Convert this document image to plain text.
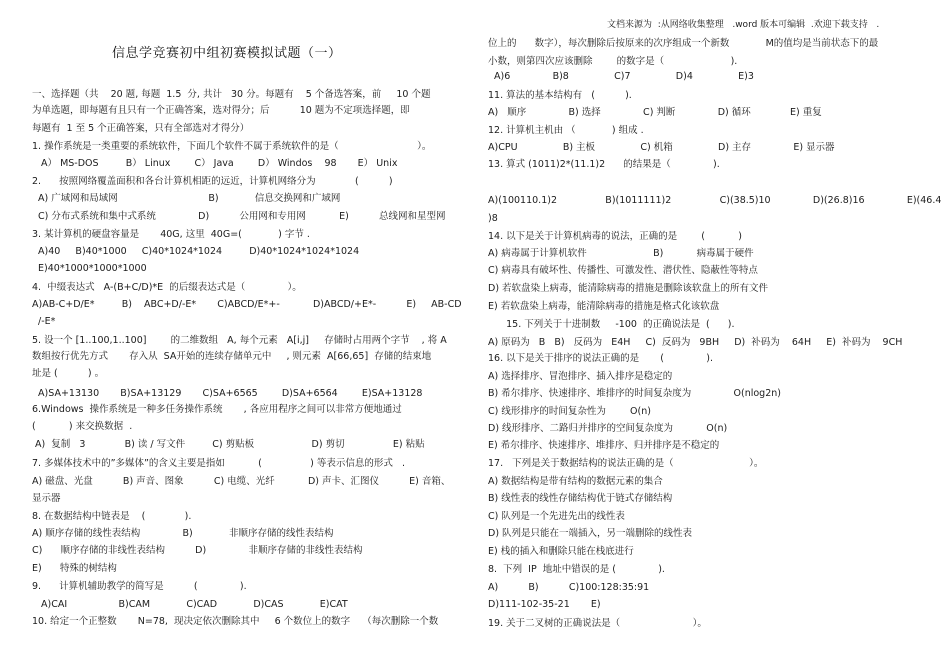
文档来源为  :从网络收集整理   .word 版本可编辑  .欢迎下载支持   .
信息学竞赛初中组初赛模拟试题（一）
一、选择题（共    20 题, 每题  1.5  分, 共计   30 分。每题有    5 个备选答案，前     10 个题
为单选题，即每题有且只有一个正确答案，选对得分；后          10 题为不定项选择题，即
每题有  1 至 5 个正确答案，只有全部选对才得分）
1. 操作系统是一类重要的系统软件，下面几个软件不属于系统软件的是（                          ）。
A） MS-DOS         B） Linux        C） Java        D） Windos    98       E） Unix
2.      按照网络覆盖面积和各台计算机相距的远近，计算机网络分为             (          )
A) 广域网和局域网                              B)            信息交换网和广域网
C) 分布式系统和集中式系统              D)          公用网和专用网           E)          总线网和星型网
3. 某计算机的硬盘容量是       40G, 这里  40G=(            ) 字节 .
A)40     B)40*1000     C)40*1024*1024         D)40*1024*1024*1024
E)40*1000*1000*1000
4.  中缀表达式   A-(B+C/D)*E  的后缀表达式是（              ）。
A)AB-C+D/E*         B)    ABC+D/-E*       C)ABCD/E*+-           D)ABCD/+E*-          E)     AB-CD
/-E*
5. 设一个 [1..100,1..100]        的二维数组   A, 每个元素   A[i,j]     存储时占用两个字节    , 将 A
数组按行优先方式       存入从  SA开始的连续存储单元中     , 则元素  A[66,65]  存储的结束地
址是 (          ) 。
A)SA+13130       B)SA+13129       C)SA+6565        D)SA+6564        E)SA+13128
6.Windows  操作系统是一种多任务操作系统       , 各应用程序之间可以非常方便地通过
(           ) 来交换数据  .
A)  复制   3             B) 读 / 写文件         C) 剪贴板                   D) 剪切                E) 粘贴
7. 多媒体技术中的”多媒体”的含义主要是指如           (                ) 等表示信息的形式   .
A) 磁盘、光盘          B) 声音、图象          C) 电缆、光纤           D) 声卡、汇图仪          E) 音箱、
显示器
8. 在数据结构中链表是    (             ).
A) 顺序存储的线性表结构              B)            非顺序存储的线性表结构
C)      顺序存储的非线性表结构          D)              非顺序存储的非线性表结构
E)      特殊的树结构
9.      计算机辅助教学的简写是          (              ).
A)CAI                 B)CAM            C)CAD            D)CAS            E)CAT
10. 给定一个正整数       N=78,  现决定依次删除其中     6 个数位上的数字    （每次删除一个数
位上的      数字），每次删除后按原来的次序组成一个新数            M的值均是当前状态下的最
小数，则第四次应该删除        的数字是（                      ).
A)6              B)8               C)7               D)4               E)3
11. 算法的基本结构有   (          ).
A)   顺序              B) 选择              C) 判断              D) 循环             E) 重复
12. 计算机主机由 （            ) 组成 .
A)CPU               B) 主板               C) 机箱               D) 主存              E) 显示器
13. 算式 (1011)2*(11.1)2      的结果是（              ).
A)(100110.1)2                B)(1011111)2                C)(38.5)10              D)(26.8)16              E)(46.4
)8
14. 以下是关于计算机病毒的说法，正确的是        (           )
A) 病毒属于计算机软件                      B)           病毒属于硬件
C) 病毒具有破坏性、传播性、可激发性、潜伏性、隐蔽性等特点
D) 若软盘染上病毒，能清除病毒的措施是删除该软盘上的所有文件
E) 若软盘染上病毒，能清除病毒的措施是格式化该软盘
15. 下列关于十进制数     -100  的正确说法是  (      ).
A) 原码为   B   B)   反码为   E4H     C)  反码为   9BH     D)  补码为    64H     E)  补码为    9CH
16. 以下是关于排序的说法正确的是       (              ).
A) 选择排序、冒泡排序、插入排序是稳定的
B) 希尔排序、快速排序、堆排序的时间复杂度为              O(nlog2n)
C) 线形排序的时间复杂性为        O(n)
D) 线形排序、二路归并排序的空间复杂度为           O(n)
E) 希尔排序、快速排序、堆排序、归并排序是不稳定的
17.   下列是关于数据结构的说法正确的是（                         ）。
A) 数据结构是带有结构的数据元素的集合
B) 线性表的线性存储结构优于链式存储结构
C) 队列是一个先进先出的线性表
D) 队列是只能在一端插入，另一端删除的线性表
E) 栈的插入和删除只能在栈底进行
8.  下列  IP  地址中错误的是 (              ).
A)          B)          C)100:128:35:91
D)111-102-35-21       E)
19. 关于二叉树的正确说法是（                        ）。
